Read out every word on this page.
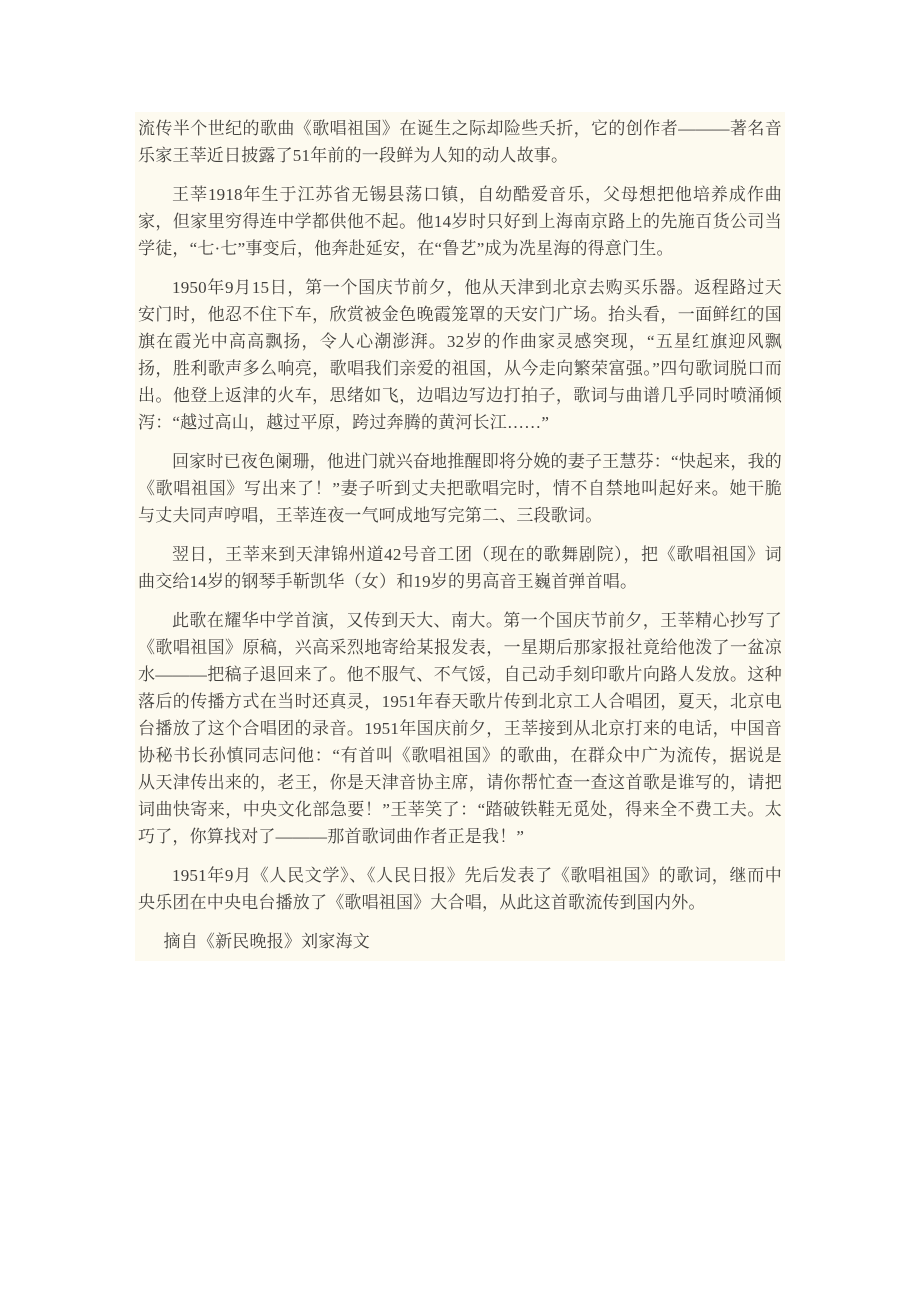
流传半个世纪的歌曲《歌唱祖国》在诞生之际却险些夭折，它的创作者———著名音乐家王莘近日披露了51年前的一段鲜为人知的动人故事。

王莘1918年生于江苏省无锡县荡口镇，自幼酷爱音乐，父母想把他培养成作曲家，但家里穷得连中学都供他不起。他14岁时只好到上海南京路上的先施百货公司当学徒，“七·七”事变后，他奔赴延安，在“鲁艺”成为冼星海的得意门生。

1950年9月15日，第一个国庆节前夕，他从天津到北京去购买乐器。返程路过天安门时，他忍不住下车，欣赏被金色晚霞笼罩的天安门广场。抬头看，一面鲜红的国旗在霞光中高高飘扬，令人心潮澎湃。32岁的作曲家灵感突现，“五星红旗迎风飘扬，胜利歌声多么响亮，歌唱我们亲爱的祖国，从今走向繁荣富强。”四句歌词脱口而出。他登上返津的火车，思绪如飞，边唱边写边打拍子，歌词与曲谱几乎同时喷涌倾泻：“越过高山，越过平原，跨过奔腾的黄河长江……”

回家时已夜色阑珊，他进门就兴奋地推醒即将分娩的妻子王慧芬：“快起来，我的《歌唱祖国》写出来了！”妻子听到丈夫把歌唱完时，情不自禁地叫起好来。她干脆与丈夫同声哼唱，王莘连夜一气呵成地写完第二、三段歌词。

翌日，王莘来到天津锦州道42号音工团（现在的歌舞剧院），把《歌唱祖国》词曲交给14岁的钢琴手靳凯华（女）和19岁的男高音王巍首弹首唱。

此歌在耀华中学首演，又传到天大、南大。第一个国庆节前夕，王莘精心抄写了《歌唱祖国》原稿，兴高采烈地寄给某报发表，一星期后那家报社竟给他泼了一盆凉水———把稿子退回来了。他不服气、不气馁，自己动手刻印歌片向路人发放。这种落后的传播方式在当时还真灵，1951年春天歌片传到北京工人合唱团，夏天，北京电台播放了这个合唱团的录音。1951年国庆前夕，王莘接到从北京打来的电话，中国音协秘书长孙慎同志问他：“有首叫《歌唱祖国》的歌曲，在群众中广为流传，据说是从天津传出来的，老王，你是天津音协主席，请你帮忙查一查这首歌是谁写的，请把词曲快寄来，中央文化部急要！”王莘笑了：“踏破铁鞋无觅处，得来全不费工夫。太巧了，你算找对了———那首歌词曲作者正是我！”

1951年9月《人民文学》、《人民日报》先后发表了《歌唱祖国》的歌词，继而中央乐团在中央电台播放了《歌唱祖国》大合唱，从此这首歌流传到国内外。

摘自《新民晚报》刘家海文
